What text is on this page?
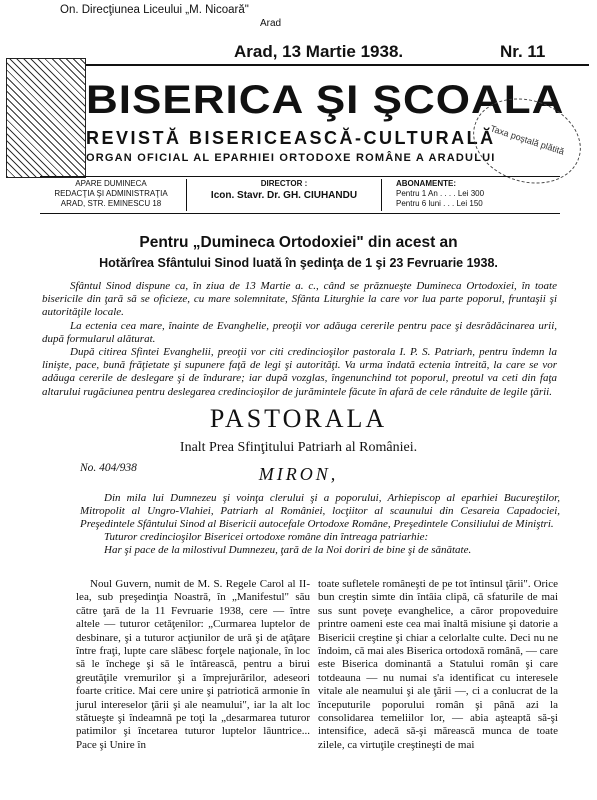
On. Direcţiunea Liceului „M. Nicoară"
Arad
Arad, 13 Martie 1938.	Nr. 11
BISERICA ŞI ŞCOALA
REVISTĂ BISERICEASCĂ-CULTURALĂ
ORGAN OFICIAL AL EPARHIEI ORTODOXE ROMÂNE A ARADULUI
Taxa poştală plătită
APARE DUMINECA
REDACŢIA ŞI ADMINISTRAŢIA
ARAD, STR. EMINESCU 18
DIRECTOR :
Icon. Stavr. Dr. GH. CIUHANDU
ABONAMENTE:
Pentru 1 An . . . . Lei 300
Pentru 6 luni . . . Lei 150
Pentru „Dumineca Ortodoxiei" din acest an
Hotărîrea Sfântului Sinod luată în şedinţa de 1 şi 23 Fevruarie 1938.

Sfântul Sinod dispune ca, în ziua de 13 Martie a. c., când se prăznueşte Dumineca Ortodoxiei, în toate bisericile din ţară să se oficieze, cu mare solemnitate, Sfânta Liturghie la care vor lua parte poporul, fruntaşii şi autorităţile locale.

La ectenia cea mare, înainte de Evanghelie, preoţii vor adăuga cererile pentru pace şi desrădăcinarea urii, după formularul alăturat.

După citirea Sfintei Evanghelii, preoţii vor citi credincioşilor pastorala I. P. S. Patriarh, pentru îndemn la linişte, pace, bună frăţietate şi supunere faţă de legi şi autorităţi. Va urma îndată ectenia întreită, la care se vor adăuga cererile de deslegare şi de îndurare; iar după vozglas, îngenunchind tot poporul, preotul va ceti din faţa altarului rugăciunea pentru deslegarea credincioşilor de jurămintele făcute în afară de cele rânduite de legile ţării.

PASTORALA
Inalt Prea Sfinţitului Patriarh al României.
No. 404/938	MIRON,

Din mila lui Dumnezeu şi voinţa clerului şi a poporului, Arhiepiscop al eparhiei Bucureştilor, Mitropolit al Ungro-Vlahiei, Patriarh al României, locţiitor al scaunului din Cesareia Capadociei, Preşedintele Sfântului Sinod al Bisericii autocefale Ortodoxe Române, Preşedintele Consiliului de Miniştri.

Tuturor credincioşilor Bisericei ortodoxe române din întreaga patriarhie:

Har şi pace de la milostivul Dumnezeu, ţară de la Noi doriri de bine şi de sănătate.

Noul Guvern, numit de M. S. Regele Carol al II-lea, sub preşedinţia Noastră, în „Manifestul" său către ţară de la 11 Fevruarie 1938, cere — între altele — tuturor cetăţenilor: „Curmarea luptelor de desbinare, şi a tuturor acţiunilor de ură şi de aţâţare între fraţi, lupte care slăbesc forţele naţionale, în loc să le închege şi să le întărească, pentru a birui greutăţile vremurilor şi a împrejurărilor, adeseori foarte critice. Mai cere unire şi patriotică armonie în jurul intereselor ţării şi ale neamului", iar la alt loc stătueşte şi îndeamnă pe toţi la „desarmarea tuturor patimilor şi încetarea tuturor luptelor lăuntrice... Pace şi Unire în

toate sufletele româneşti de pe tot întinsul ţării". Orice bun creştin simte din întâia clipă, că sfaturile de mai sus sunt poveţe evanghelice, a căror propoveduire printre oameni este cea mai înaltă misiune şi datorie a Bisericii creştine şi chiar a celorlalte culte. Deci nu ne îndoim, că mai ales Biserica ortodoxă română, — care este Biserica dominantă a Statului român şi care totdeauna — nu numai s'a identificat cu interesele vitale ale neamului şi ale ţării —, ci a conlucrat de la începuturile poporului român şi până azi la consolidarea temeliilor lor, — abia aşteaptă să-şi intensifice, adecă să-şi mărească munca de toate zilele, ca virtuţile creştineşti de mai
